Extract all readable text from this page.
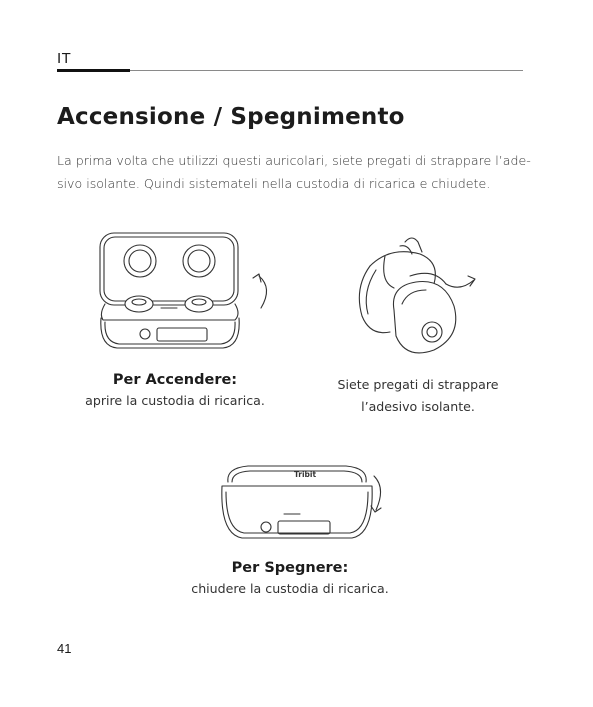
IT
Accensione / Spegnimento

La prima volta che utilizzi questi auricolari, siete pregati di strappare l’ade- sivo isolante. Quindi sistemateli nella custodia di ricarica e chiudete.

Tribit
Per Accendere:
aprire la custodia di ricarica.
Siete pregati di strappare
l’adesivo isolante.
Per Spegnere:
chiudere la custodia di ricarica.
41
